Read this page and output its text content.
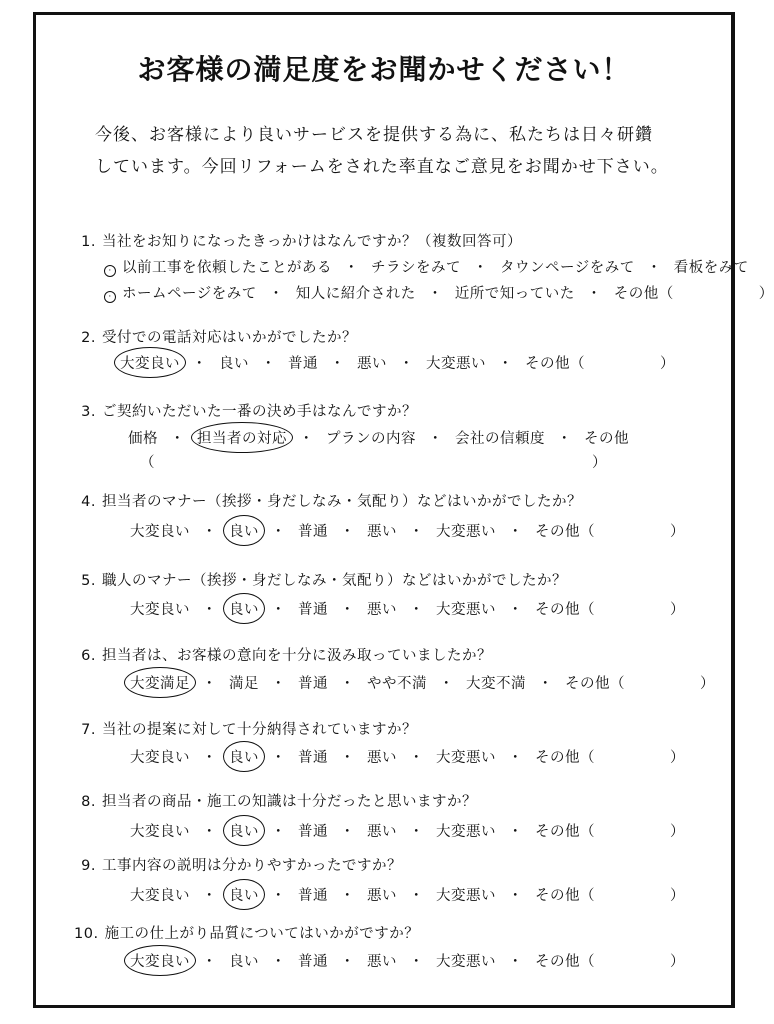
お客様の満足度をお聞かせください！
今後、お客様により良いサービスを提供する為に、私たちは日々研鑽
しています。今回リフォームをされた率直なご意見をお聞かせ下さい。
1. 当社をお知りになったきっかけはなんですか？（複数回答可）
· 以前工事を依頼したことがある ・ チラシをみて ・ タウンページをみて ・ 看板をみて
· ホームページをみて ・ 知人に紹介された ・ 近所で知っていた ・ その他（	）
2. 受付での電話対応はいかがでしたか？
大変良い ・ 良い ・ 普通 ・ 悪い ・ 大変悪い ・ その他（	）
3. ご契約いただいた一番の決め手はなんですか？
価格 ・ 担当者の対応 ・ プランの内容 ・ 会社の信頼度 ・ その他
（	）
4. 担当者のマナー（挨拶・身だしなみ・気配り）などはいかがでしたか？
大変良い ・ 良い ・ 普通 ・ 悪い ・ 大変悪い ・ その他（	）
5. 職人のマナー（挨拶・身だしなみ・気配り）などはいかがでしたか？
大変良い ・ 良い ・ 普通 ・ 悪い ・ 大変悪い ・ その他（	）
6. 担当者は、お客様の意向を十分に汲み取っていましたか？
大変満足 ・ 満足 ・ 普通 ・ やや不満 ・ 大変不満 ・ その他（	）
7. 当社の提案に対して十分納得されていますか？
大変良い ・ 良い ・ 普通 ・ 悪い ・ 大変悪い ・ その他（	）
8. 担当者の商品・施工の知識は十分だったと思いますか？
大変良い ・ 良い ・ 普通 ・ 悪い ・ 大変悪い ・ その他（	）
9. 工事内容の説明は分かりやすかったですか？
大変良い ・ 良い ・ 普通 ・ 悪い ・ 大変悪い ・ その他（	）
10. 施工の仕上がり品質についてはいかがですか？
大変良い ・ 良い ・ 普通 ・ 悪い ・ 大変悪い ・ その他（	）
